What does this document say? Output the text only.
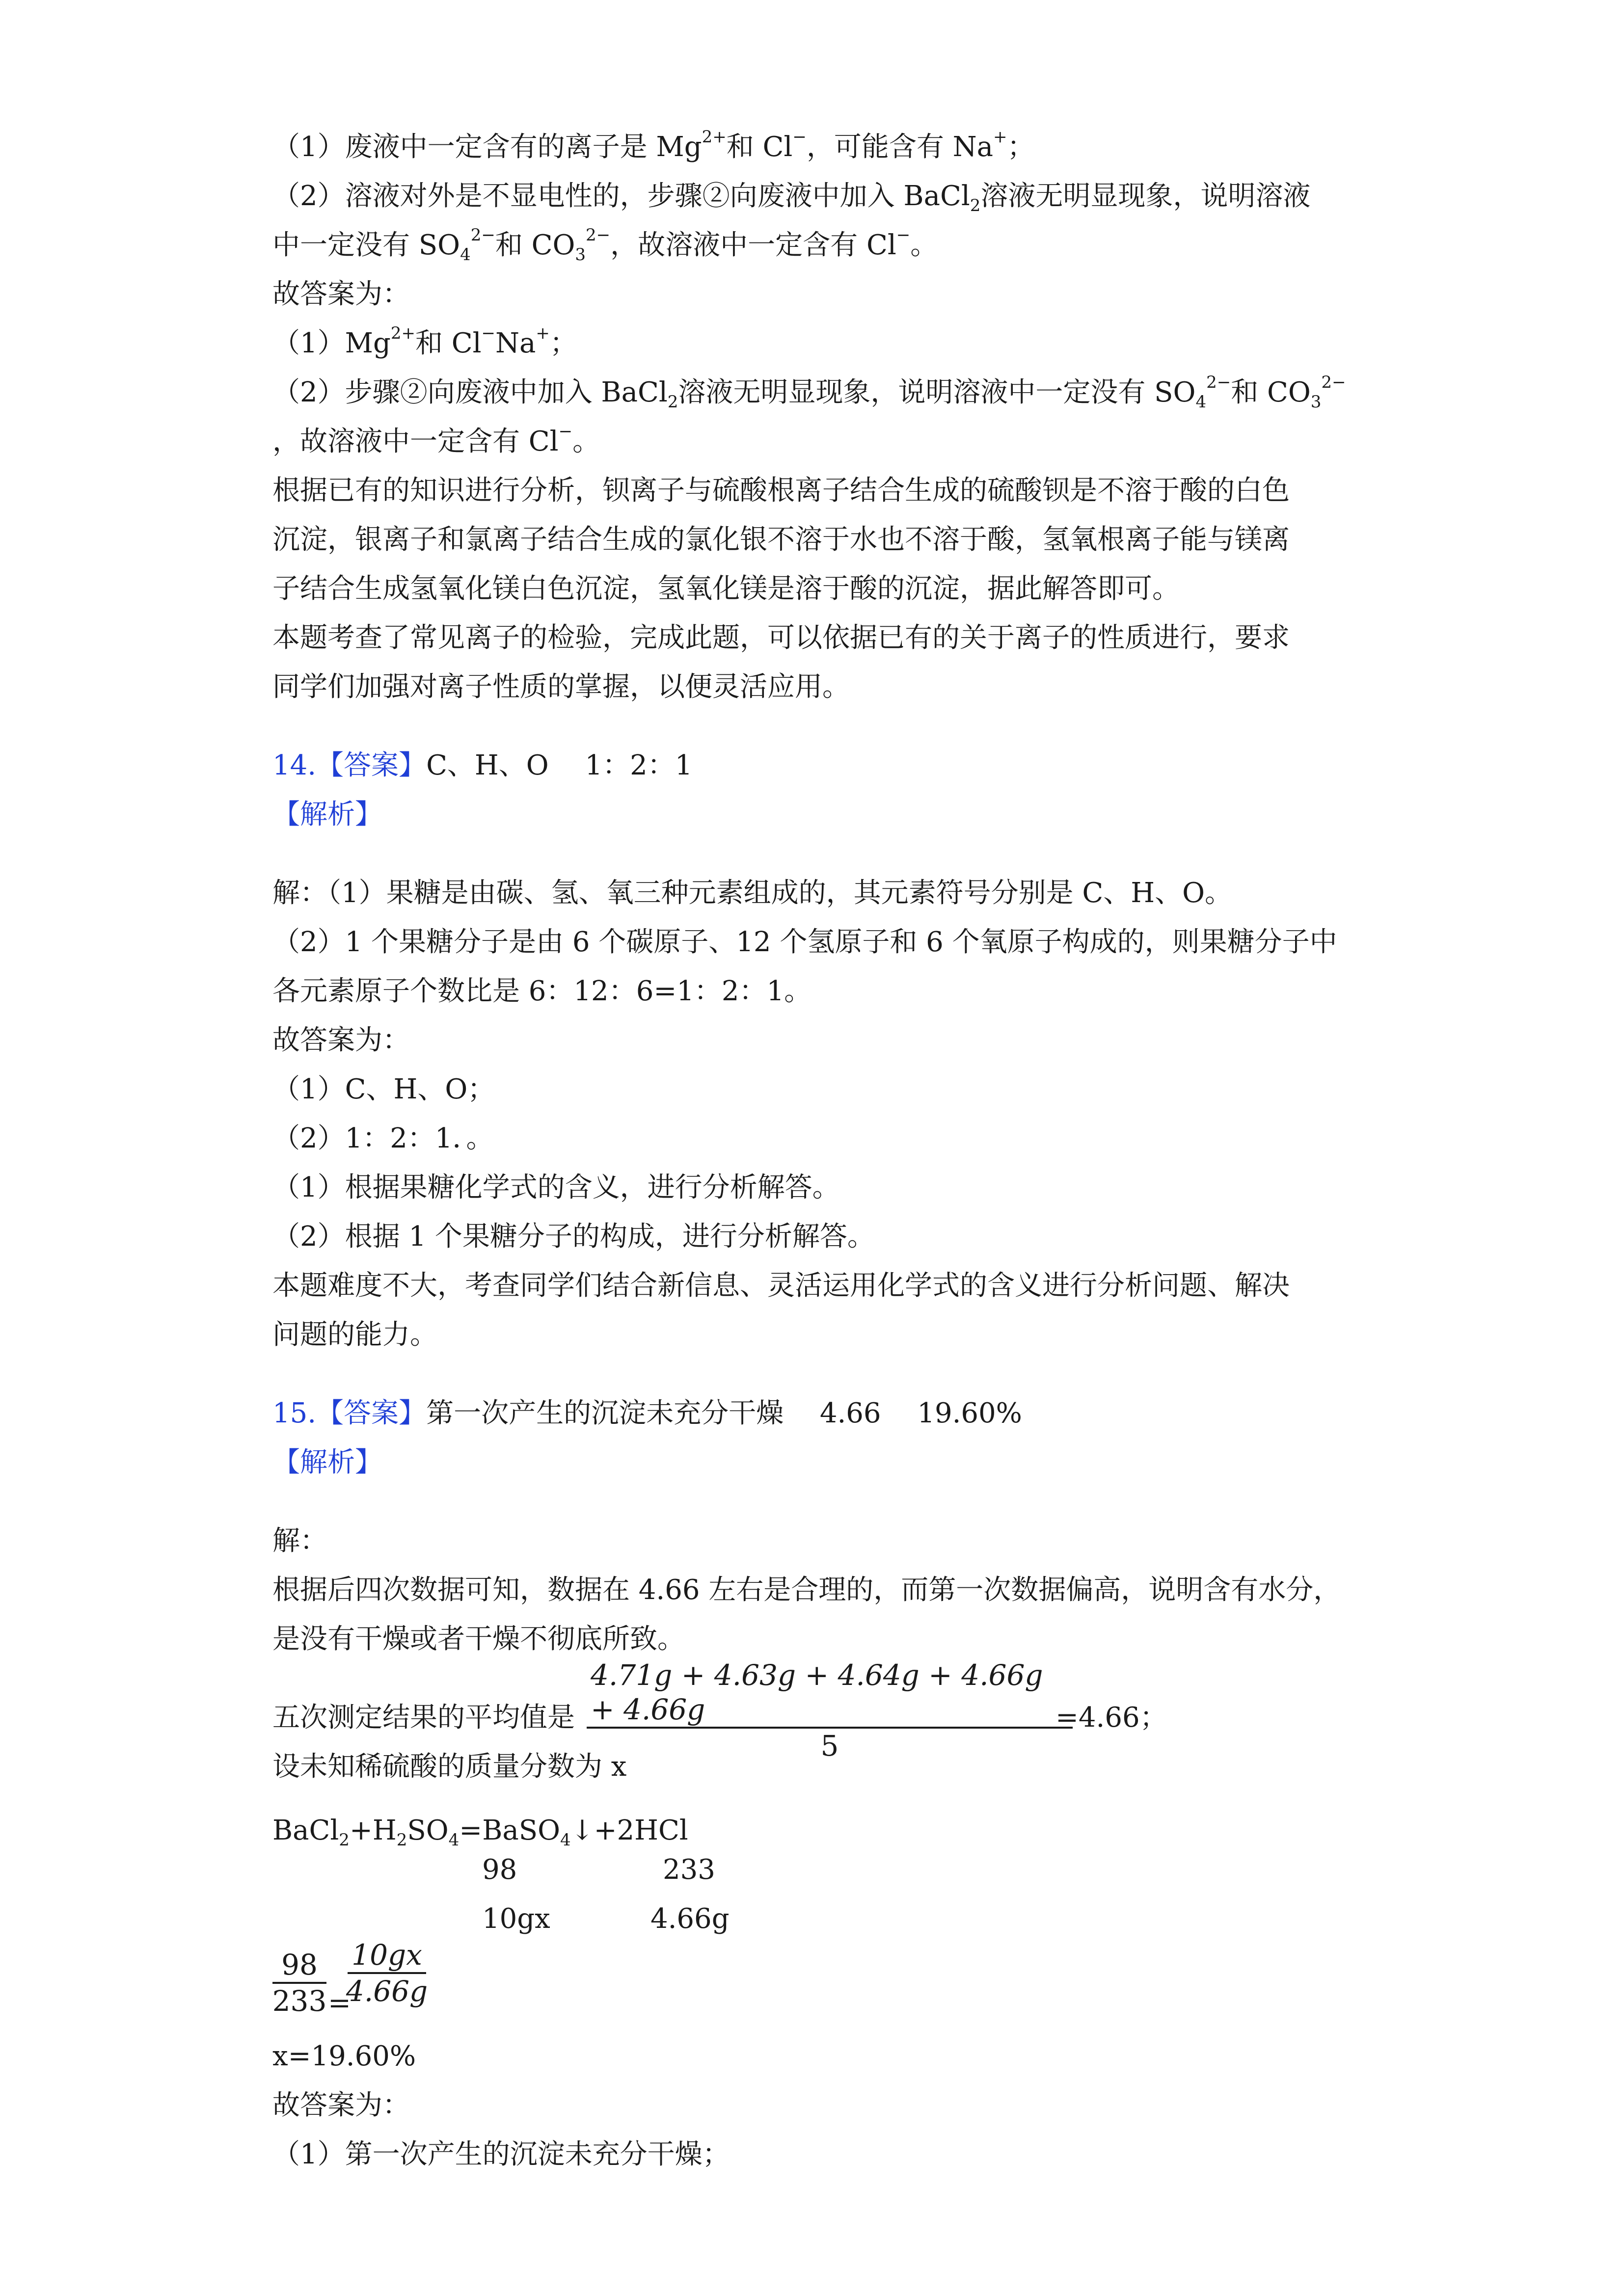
（1）废液中一定含有的离子是 $Mg^{2+}$和 Cl−，可能含有 Na+；
（2）溶液对外是不显电性的，步骤②向废液中加入 BaCl$_2$溶液无明显现象，说明溶液
中一定没有 $SO_4^{2-}$和 $CO_3^{2-}$，故溶液中一定含有 Cl−。
故答案为：
$(1)Mg^{2+}$和 Cl−Na+；
（2）步骤②向废液中加入 BaCl$_2$溶液无明显现象，说明溶液中一定没有 $SO_4^{2-}$和 $CO_3^{2-}$
，故溶液中一定含有 Cl−。
根据已有的知识进行分析，钡离子与硫酸根离子结合生成的硫酸钡是不溶于酸的白色
沉淀，银离子和氯离子结合生成的氯化银不溶于水也不溶于酸，氢氧根离子能与镁离
子结合生成氢氧化镁白色沉淀，氢氧化镁是溶于酸的沉淀，据此解答即可。
本题考查了常见离子的检验，完成此题，可以依据已有的关于离子的性质进行，要求
同学们加强对离子性质的掌握，以便灵活应用。
14.【答案】C、H、O　 1：2：1
【解析】
解：（1）果糖是由碳、氢、氧三种元素组成的，其元素符号分别是 C、H、O。
（2）1 个果糖分子是由 6 个碳原子、12 个氢原子和 6 个氧原子构成的，则果糖分子中
各元素原子个数比是 6：12：6=1：2：1。
故答案为：
（1）C、H、O；
（2）1：2：1．。
（1）根据果糖化学式的含义，进行分析解答。
（2）根据 1 个果糖分子的构成，进行分析解答。
本题难度不大，考查同学们结合新信息、灵活运用化学式的含义进行分析问题、解决
问题的能力。
15.【答案】第一次产生的沉淀未充分干燥　 4.66　 19.60%
【解析】
解：
根据后四次数据可知，数据在 4.66 左右是合理的，而第一次数据偏高，说明含有水分，
是没有干燥或者干燥不彻底所致。
五次测定结果的平均值是
4.71g + 4.63g + 4.64g + 4.66g + 4.66g
5
=4.66；
设未知稀硫酸的质量分数为 x
$BaCl_2+H_2SO_4=BaSO_4↓+2HCl$
98	233
10gx	4.66g
98
233 =
10gx
4.66g
x=19.60%
故答案为：
（1）第一次产生的沉淀未充分干燥；
